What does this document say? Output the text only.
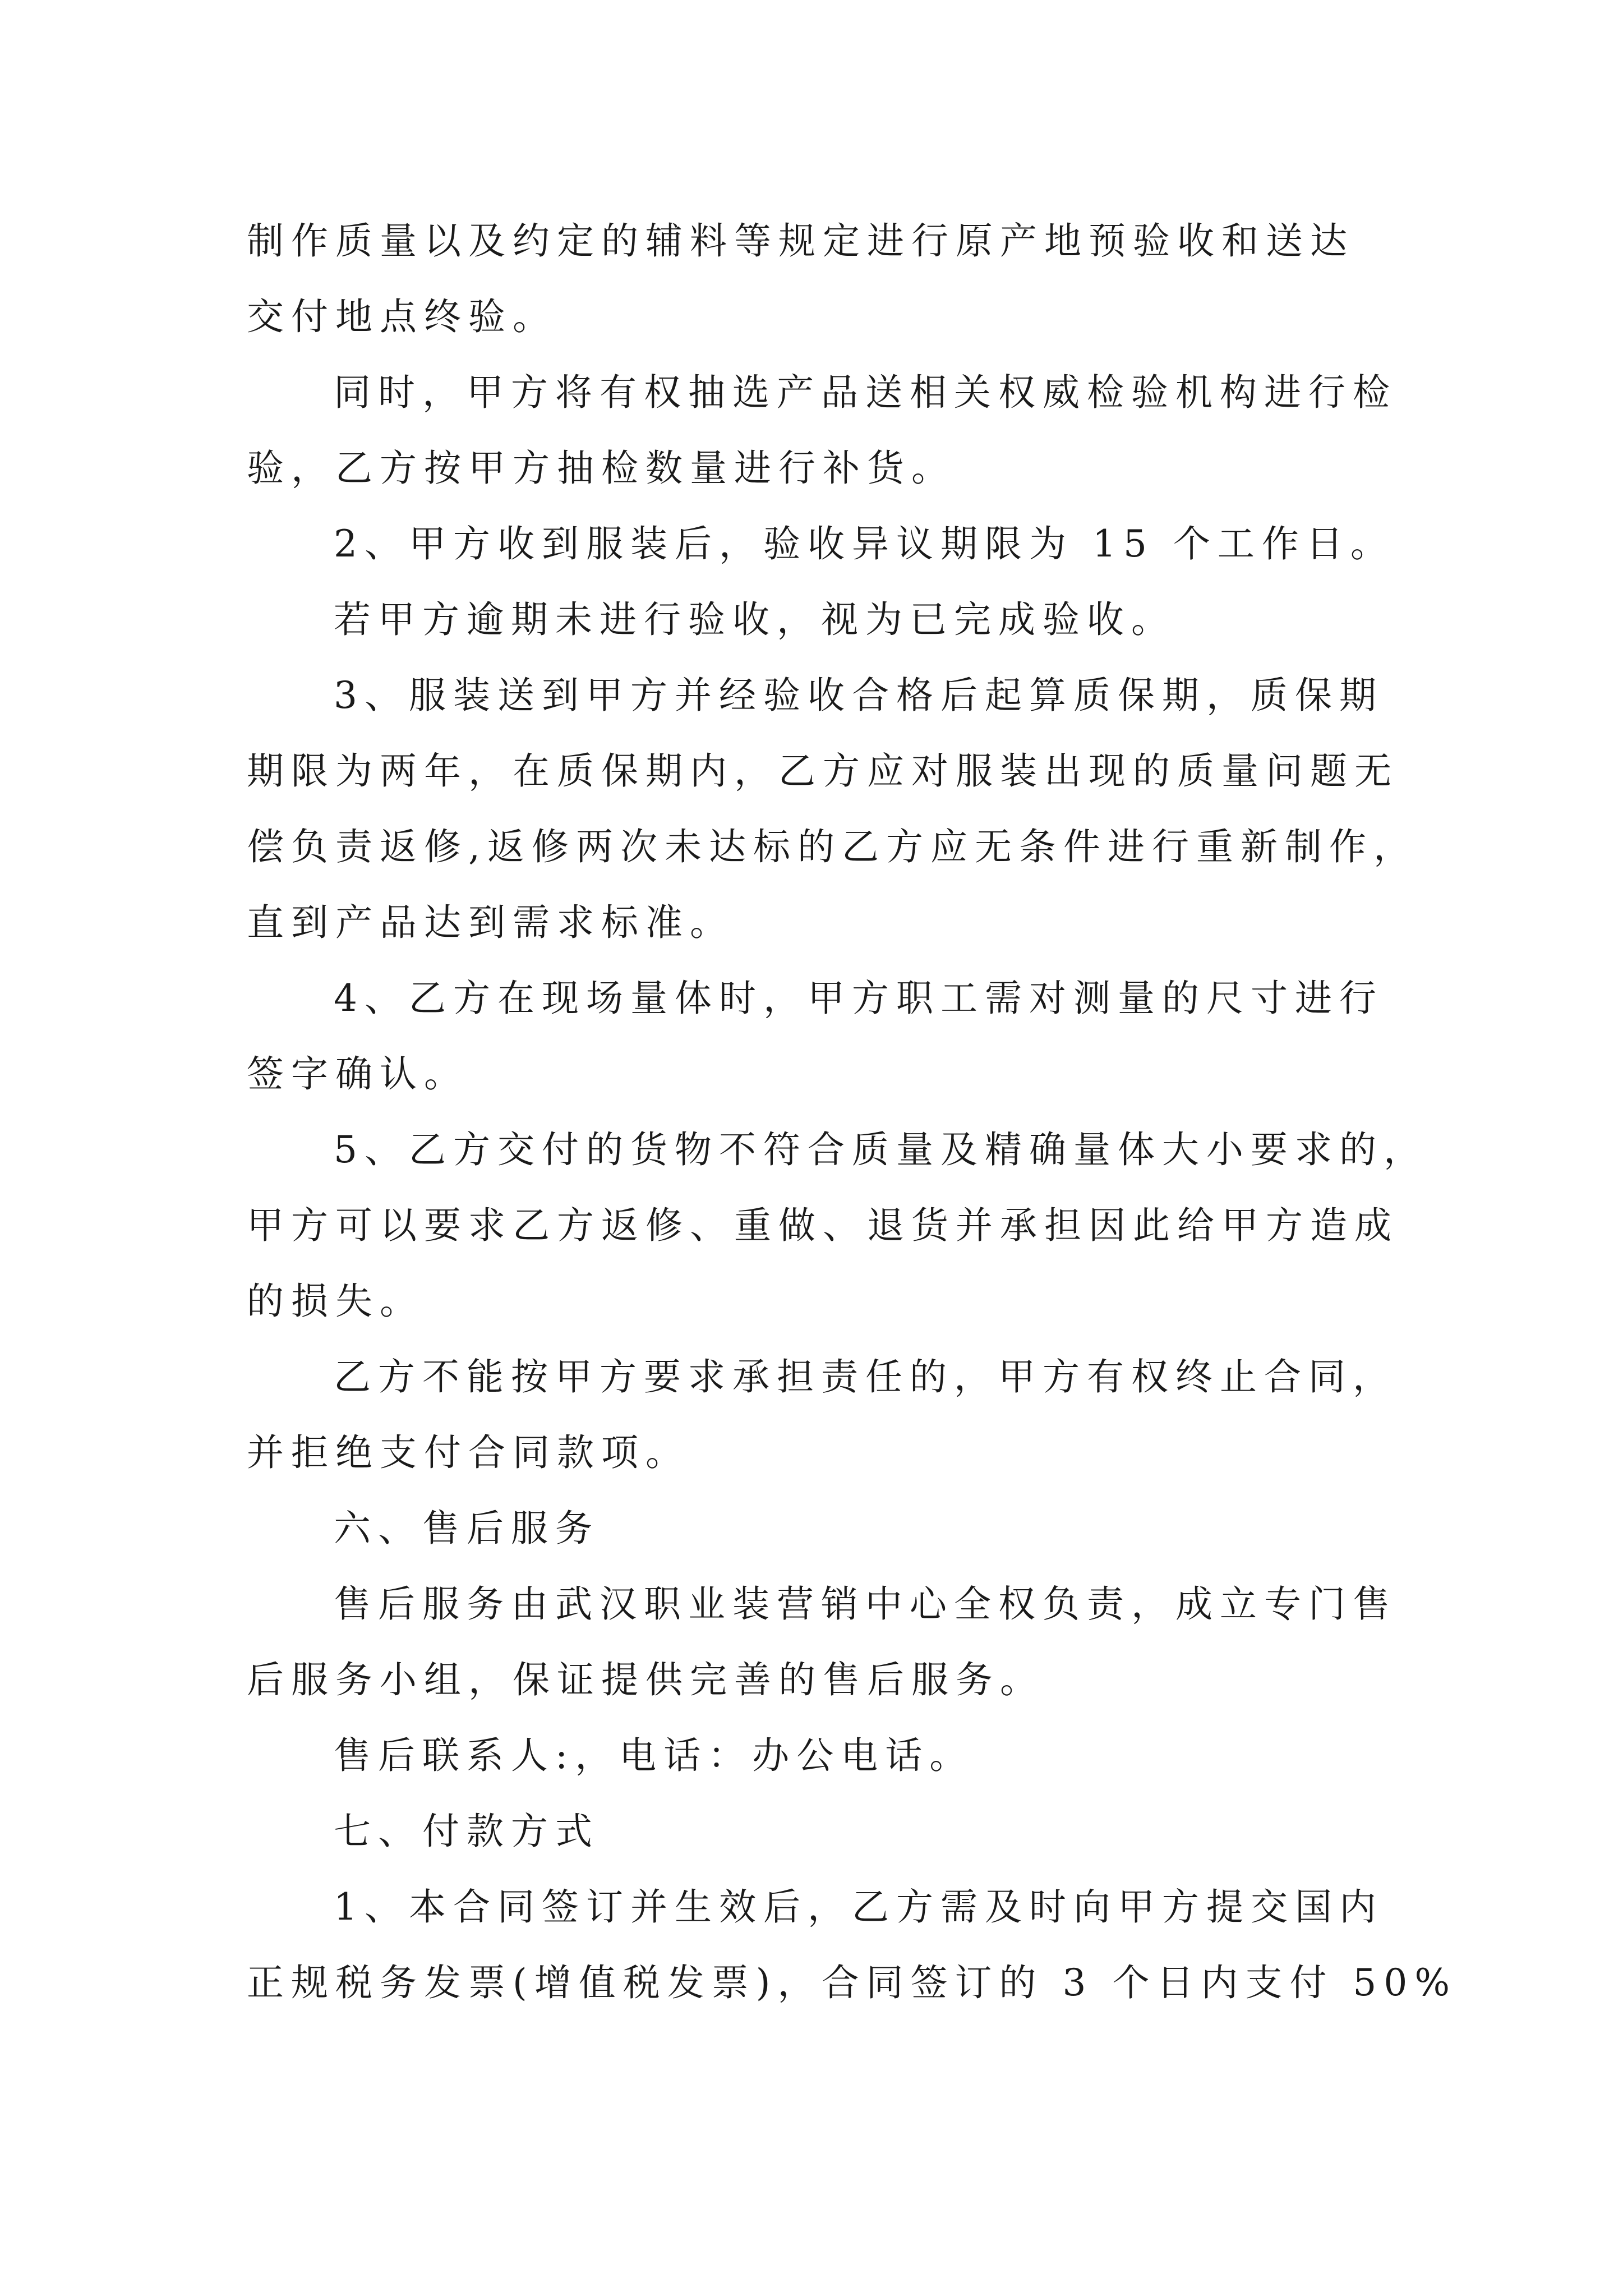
制作质量以及约定的辅料等规定进行原产地预验收和送达
交付地点终验。
同时，甲方将有权抽选产品送相关权威检验机构进行检
验，乙方按甲方抽检数量进行补货。
2、甲方收到服装后，验收异议期限为 15 个工作日。
若甲方逾期未进行验收，视为已完成验收。
3、服装送到甲方并经验收合格后起算质保期，质保期
期限为两年，在质保期内，乙方应对服装出现的质量问题无
偿负责返修,返修两次未达标的乙方应无条件进行重新制作，
直到产品达到需求标准。
4、乙方在现场量体时，甲方职工需对测量的尺寸进行
签字确认。
5、乙方交付的货物不符合质量及精确量体大小要求的，
甲方可以要求乙方返修、重做、退货并承担因此给甲方造成
的损失。
乙方不能按甲方要求承担责任的，甲方有权终止合同，
并拒绝支付合同款项。
六、售后服务
售后服务由武汉职业装营销中心全权负责，成立专门售
后服务小组，保证提供完善的售后服务。
售后联系人:，电话：办公电话。
七、付款方式
1、本合同签订并生效后，乙方需及时向甲方提交国内
正规税务发票(增值税发票)，合同签订的 3 个日内支付 50%
